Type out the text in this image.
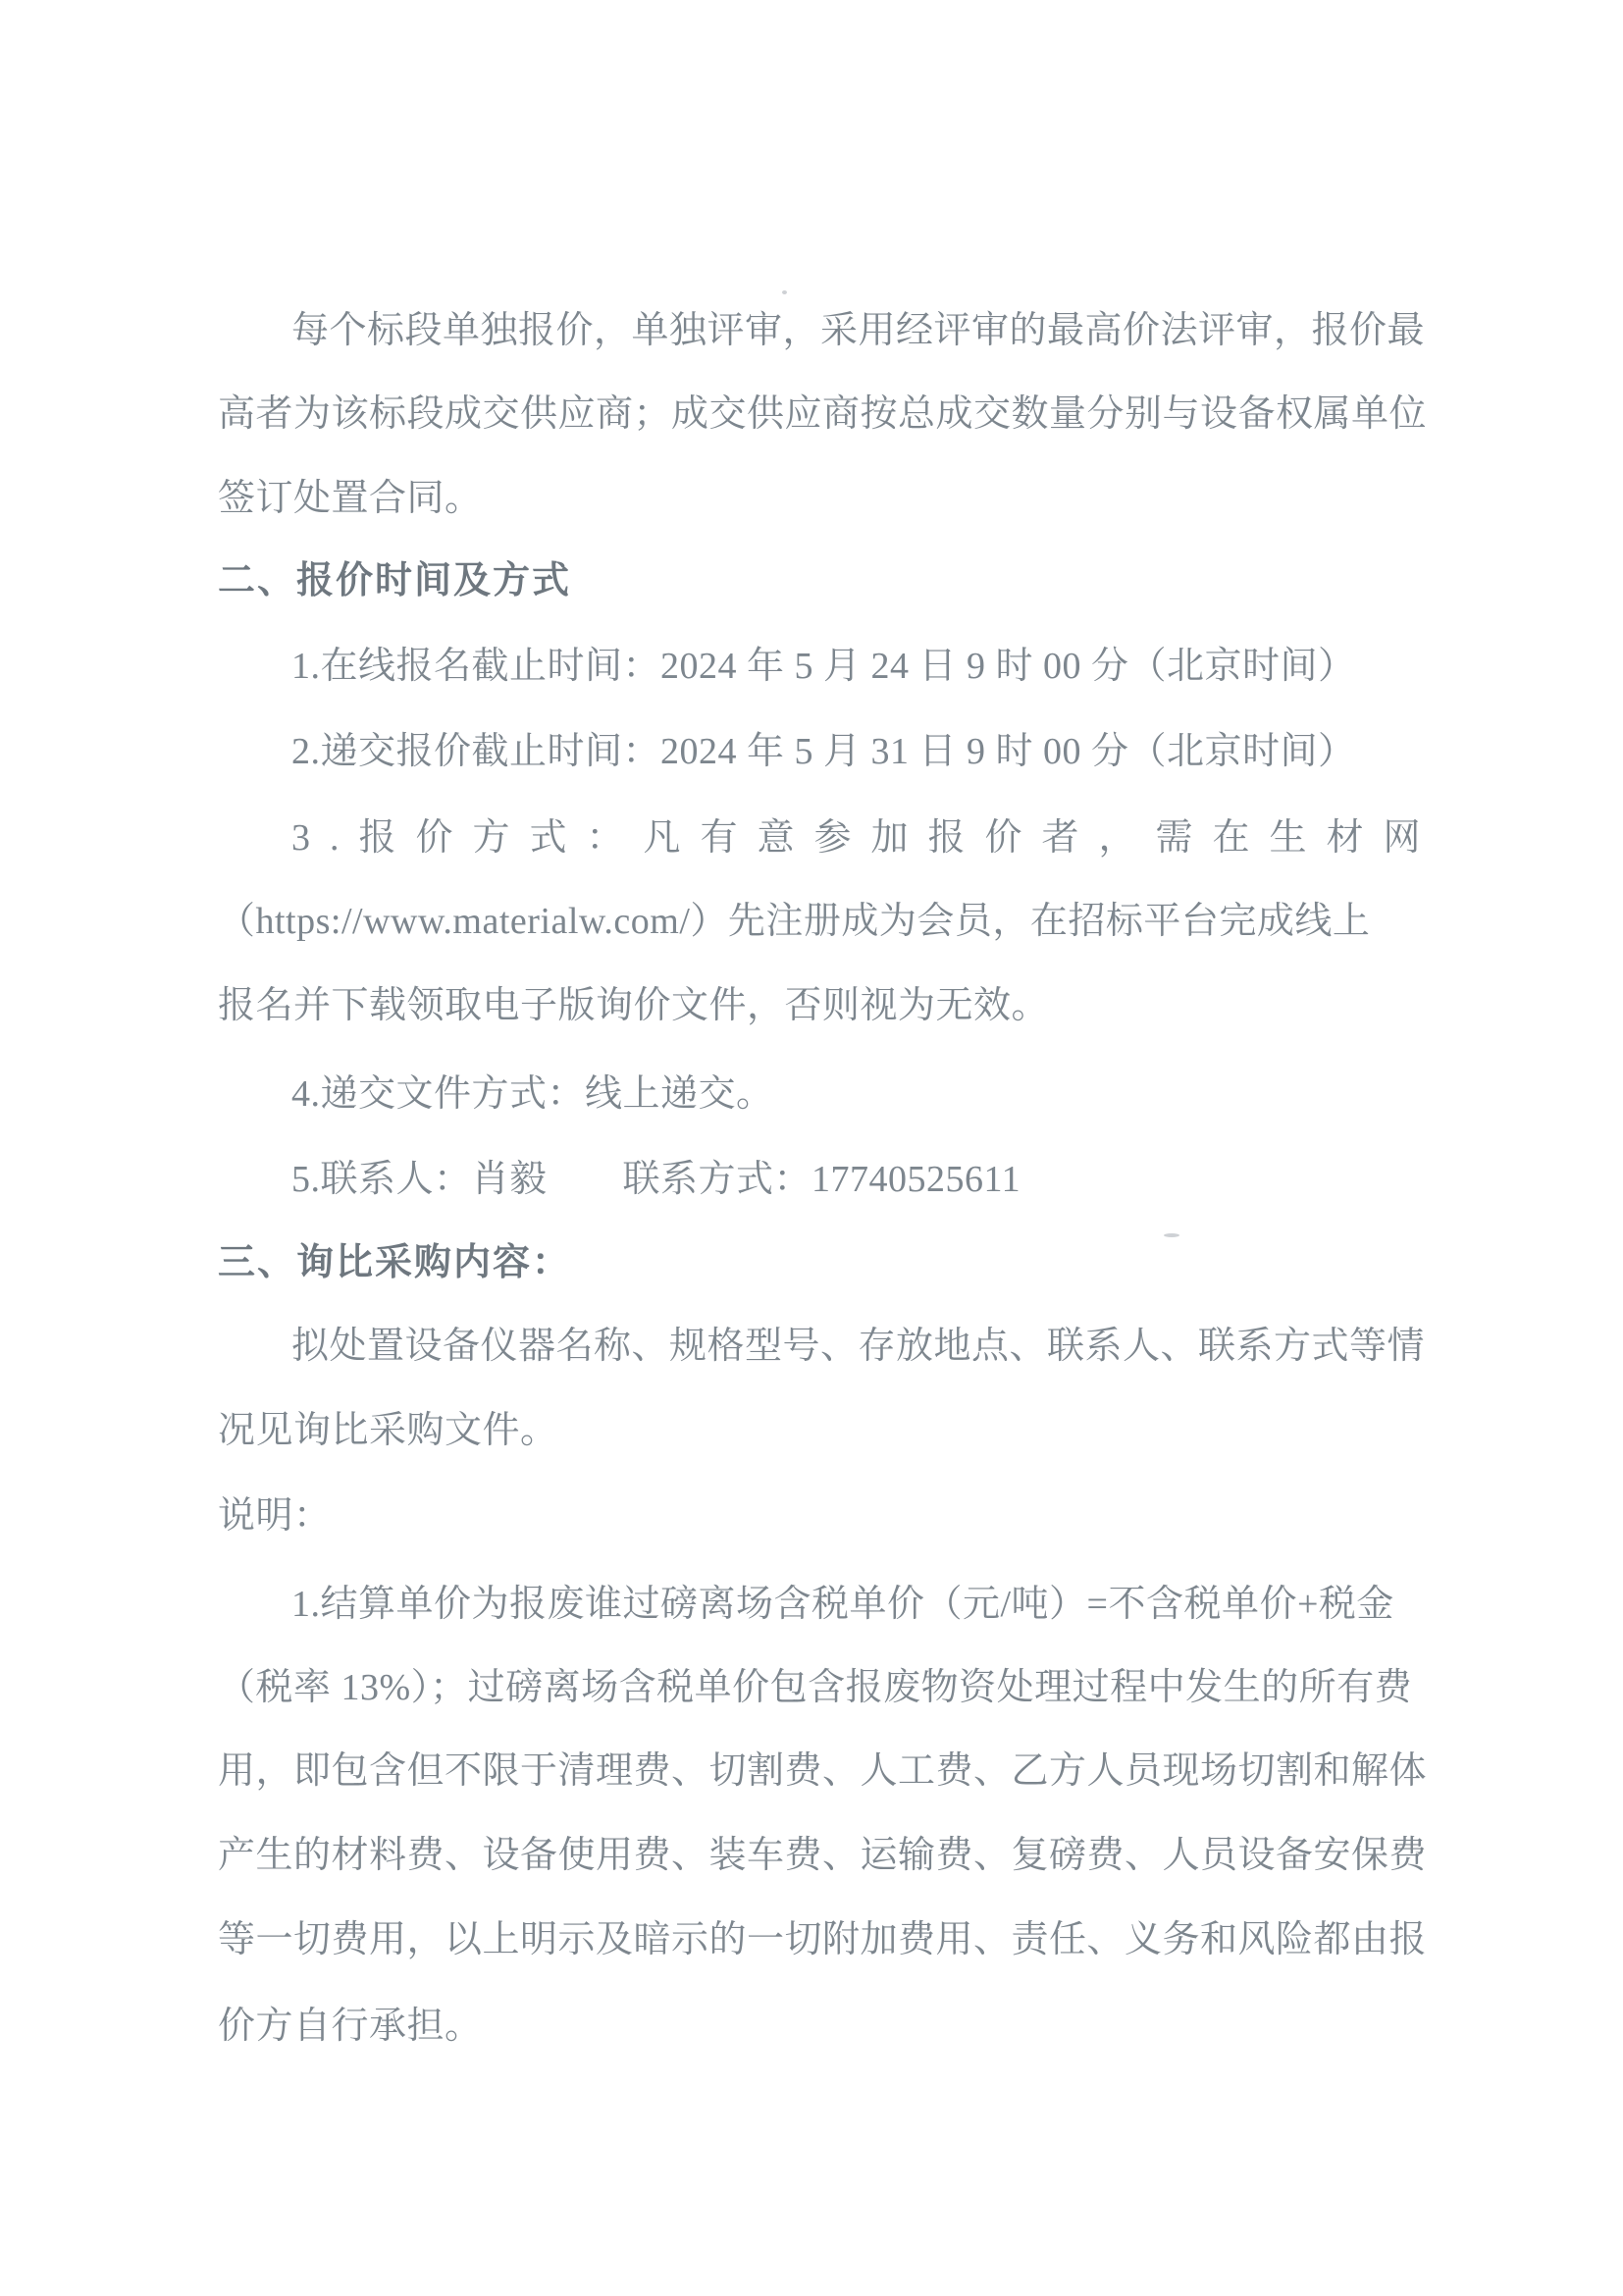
每个标段单独报价，单独评审，采用经评审的最高价法评审，报价最
高者为该标段成交供应商；成交供应商按总成交数量分别与设备权属单位
签订处置合同。
二、报价时间及方式
1.在线报名截止时间：2024 年 5 月 24 日 9 时 00 分（北京时间）
2.递交报价截止时间：2024 年 5 月 31 日 9 时 00 分（北京时间）
3.报价方式：凡有意参加报价者，需在生材网
（https://www.materialw.com/）先注册成为会员，在招标平台完成线上
报名并下载领取电子版询价文件，否则视为无效。
4.递交文件方式：线上递交。
5.联系人：肖毅　　联系方式：17740525611
三、询比采购内容：
拟处置设备仪器名称、规格型号、存放地点、联系人、联系方式等情
况见询比采购文件。
说明：
1.结算单价为报废谁过磅离场含税单价（元/吨）=不含税单价+税金
（税率 13%）；过磅离场含税单价包含报废物资处理过程中发生的所有费
用，即包含但不限于清理费、切割费、人工费、乙方人员现场切割和解体
产生的材料费、设备使用费、装车费、运输费、复磅费、人员设备安保费
等一切费用，以上明示及暗示的一切附加费用、责任、义务和风险都由报
价方自行承担。
